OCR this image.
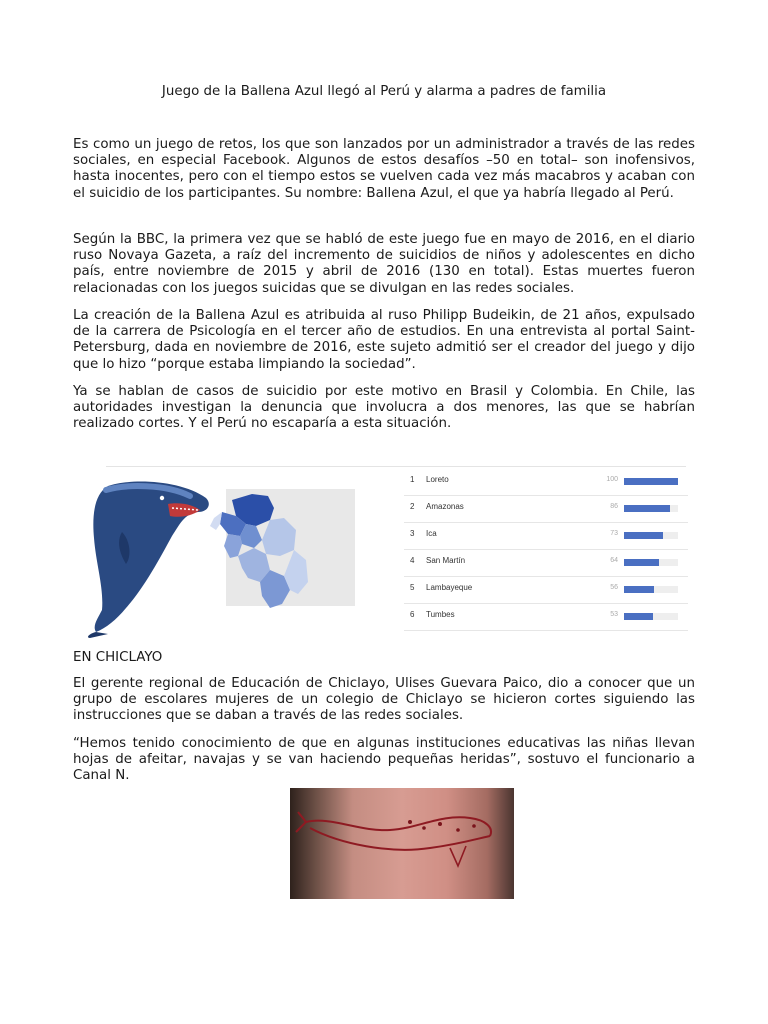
Juego de la Ballena Azul llegó al Perú y alarma a padres de familia

Es como un juego de retos, los que son lanzados por un administrador a través de las redes sociales, en especial Facebook. Algunos de estos desafíos –50 en total– son inofensivos, hasta inocentes, pero con el tiempo estos se vuelven cada vez más macabros y acaban con el suicidio de los participantes. Su nombre: Ballena Azul, el que ya habría llegado al Perú.

Según la BBC, la primera vez que se habló de este juego fue en mayo de 2016, en el diario ruso Novaya Gazeta, a raíz del incremento de suicidios de niños y adolescentes en dicho país, entre noviembre de 2015 y abril de 2016 (130 en total). Estas muertes fueron relacionadas con los juegos suicidas que se divulgan en las redes sociales.

La creación de la Ballena Azul es atribuida al ruso Philipp Budeikin, de 21 años, expulsado de la carrera de Psicología en el tercer año de estudios. En una entrevista al portal Saint-Petersburg, dada en noviembre de 2016, este sujeto admitió ser el creador del juego y dijo que lo hizo “porque estaba limpiando la sociedad”.

Ya se hablan de casos de suicidio por este motivo en Brasil y Colombia. En Chile, las autoridades investigan la denuncia que involucra a dos menores, las que se habrían realizado cortes. Y el Perú no escaparía a esta situación.

1 Loreto	100
2 Amazonas	86
3 Ica	73
4 San Martín	64
5 Lambayeque	56
6 Tumbes	53

EN CHICLAYO

El gerente regional de Educación de Chiclayo, Ulises Guevara Paico, dio a conocer que un grupo de escolares mujeres de un colegio de Chiclayo se hicieron cortes siguiendo las instrucciones que se daban a través de las redes sociales.

“Hemos tenido conocimiento de que en algunas instituciones educativas las niñas llevan hojas de afeitar, navajas y se van haciendo pequeñas heridas”, sostuvo el funcionario a Canal N.
